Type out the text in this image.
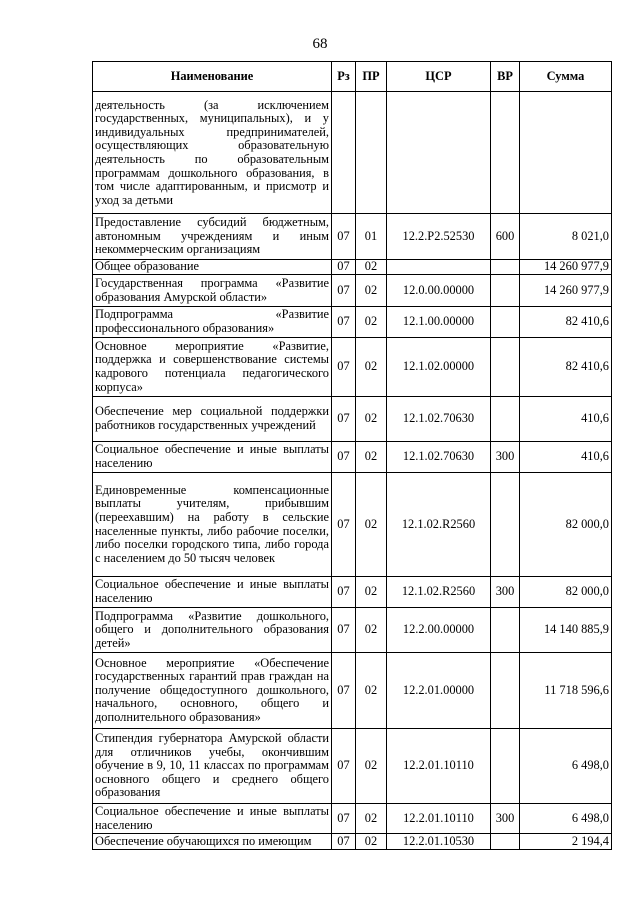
68
Наименование	Рз	ПР	ЦСР	ВР	Сумма
деятельность (за исключением государственных, муниципальных), и у индивидуальных предпринимателей, осуществляющих образовательную деятельность по образовательным программам дошкольного образования, в том числе адаптированным, и присмотр и уход за детьми					
Предоставление субсидий бюджетным, автономным учреждениям и иным некоммерческим организациям	07	01	12.2.P2.52530	600	8 021,0
Общее образование	07	02			14 260 977,9
Государственная программа «Развитие образования Амурской области»	07	02	12.0.00.00000		14 260 977,9
Подпрограмма «Развитие профессионального образования»	07	02	12.1.00.00000		82 410,6
Основное мероприятие «Развитие, поддержка и совершенствование системы кадрового потенциала педагогического корпуса»	07	02	12.1.02.00000		82 410,6
Обеспечение мер социальной поддержки работников государственных учреждений	07	02	12.1.02.70630		410,6
Социальное обеспечение и иные выплаты населению	07	02	12.1.02.70630	300	410,6
Единовременные компенсационные выплаты учителям, прибывшим (переехавшим) на работу в сельские населенные пункты, либо рабочие поселки, либо поселки городского типа, либо города с населением до 50 тысяч человек	07	02	12.1.02.R2560		82 000,0
Социальное обеспечение и иные выплаты населению	07	02	12.1.02.R2560	300	82 000,0
Подпрограмма «Развитие дошкольного, общего и дополнительного образования детей»	07	02	12.2.00.00000		14 140 885,9
Основное мероприятие «Обеспечение государственных гарантий прав граждан на получение общедоступного дошкольного, начального, основного, общего и дополнительного образования»	07	02	12.2.01.00000		11 718 596,6
Стипендия губернатора Амурской области для отличников учебы, окончившим обучение в 9, 10, 11 классах по программам основного общего и среднего общего образования	07	02	12.2.01.10110		6 498,0
Социальное обеспечение и иные выплаты населению	07	02	12.2.01.10110	300	6 498,0
Обеспечение обучающихся по имеющим	07	02	12.2.01.10530		2 194,4
